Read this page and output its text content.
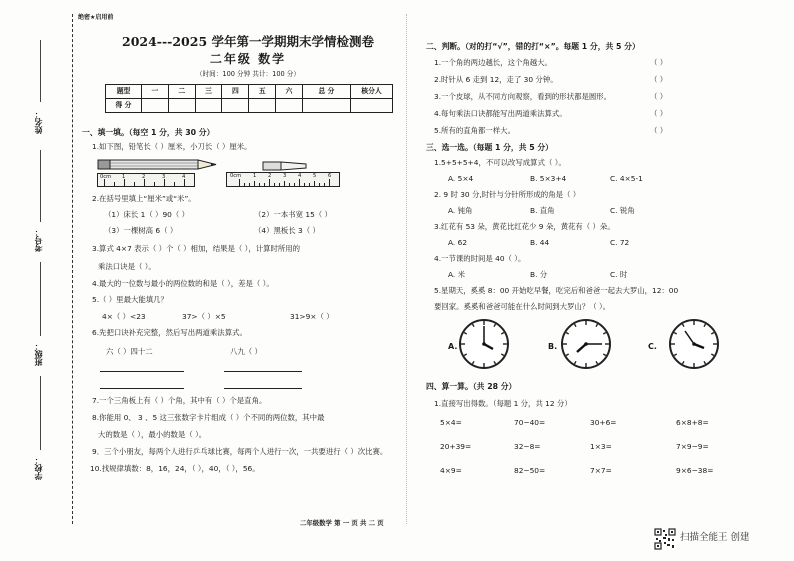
姓名：
考号：
班级：
学校：
绝密★启用前
2024---2025 学年第一学期期末学情检测卷
二年级 数学
（时间：100 分钟 共计：100 分）
题型	一	二	三	四	五	六	总 分	核分人
得 分								
一、填一填。（每空 1 分，共 30 分）
1.如下图，铅笔长（ ）厘米，小刀长（ ）厘米。
0cm 1	2	3	4	0cm 1 2 3 4 5 6
2.在括号里填上“厘米”或“米”。
（1）床长 1（ ）90（ ）	（2）一本书宽 15（ ）
（3）一棵树高 6（ ）	（4）黑板长 3（ ）
3.算式 4×7 表示（ ）个（ ）相加，结果是（ ），计算时所用的
乘法口诀是（ ）。
4.最大的一位数与最小的两位数的和是（ ），差是（ ）。
5.（ ）里最大能填几？
4×（ ）<23	37>（ ）×5	31>9×（ ）
6.先把口诀补充完整，然后写出两道乘法算式。
六（ ）四十二	八九（ ）
7.一个三角板上有（ ）个角，其中有（ ）个是直角。
8.你能用 0、 3 、5 这三张数字卡片组成（ ）个不同的两位数，其中最
大的数是（ ），最小的数是（ ）。
9．三个小朋友，每两个人进行乒乓球比赛，每两个人进行一次，一共要进行（ ）次比赛。
10.找规律填数：8，16，24，（ ），40，（ ），56。
二、判断。（对的打“√”，错的打“×”。每题 1 分，共 5 分）
1.一个角的两边越长，这个角越大。	（ ）
2.时针从 6 走到 12，走了 30 分钟。	（ ）
3.一个皮球，从不同方向观察，看到的形状都是圆形。	（ ）
4.每句乘法口诀都能写出两道乘法算式。	（ ）
5.所有的直角都一样大。	（ ）
三、选一选。（每题 1 分，共 5 分）
1.5+5+5+4，不可以改写成算式（ ）。
A. 5×4	B. 5×3+4	C. 4×5-1
2. 9 时 30 分,时针与分针所形成的角是（ ）
A. 钝角	B. 直角	C. 锐角
3.红花有 53 朵，黄花比红花少 9 朵，黄花有（ ）朵。
A. 62	B. 44	C. 72
4.一节课的时间是 40（ ）。
A. 米	B. 分	C. 时
5.星期天，奚奚 8：00 开始吃早餐，吃完后和爸爸一起去大罗山，12：00
要回家。奚奚和爸爸可能在什么时间到大罗山？（ ）。
A.	B.	C.
四、算一算。（共 28 分）
1.直接写出得数。（每题 1 分，共 12 分）
5×4=	70−40=	30+6=	6×8+8=
20+39=	32−8=	1×3=	7×9−9=
4×9=	82−50=	7×7=	9×6−38=
二年级数学 第 一 页 共 二 页
扫描全能王 创建
